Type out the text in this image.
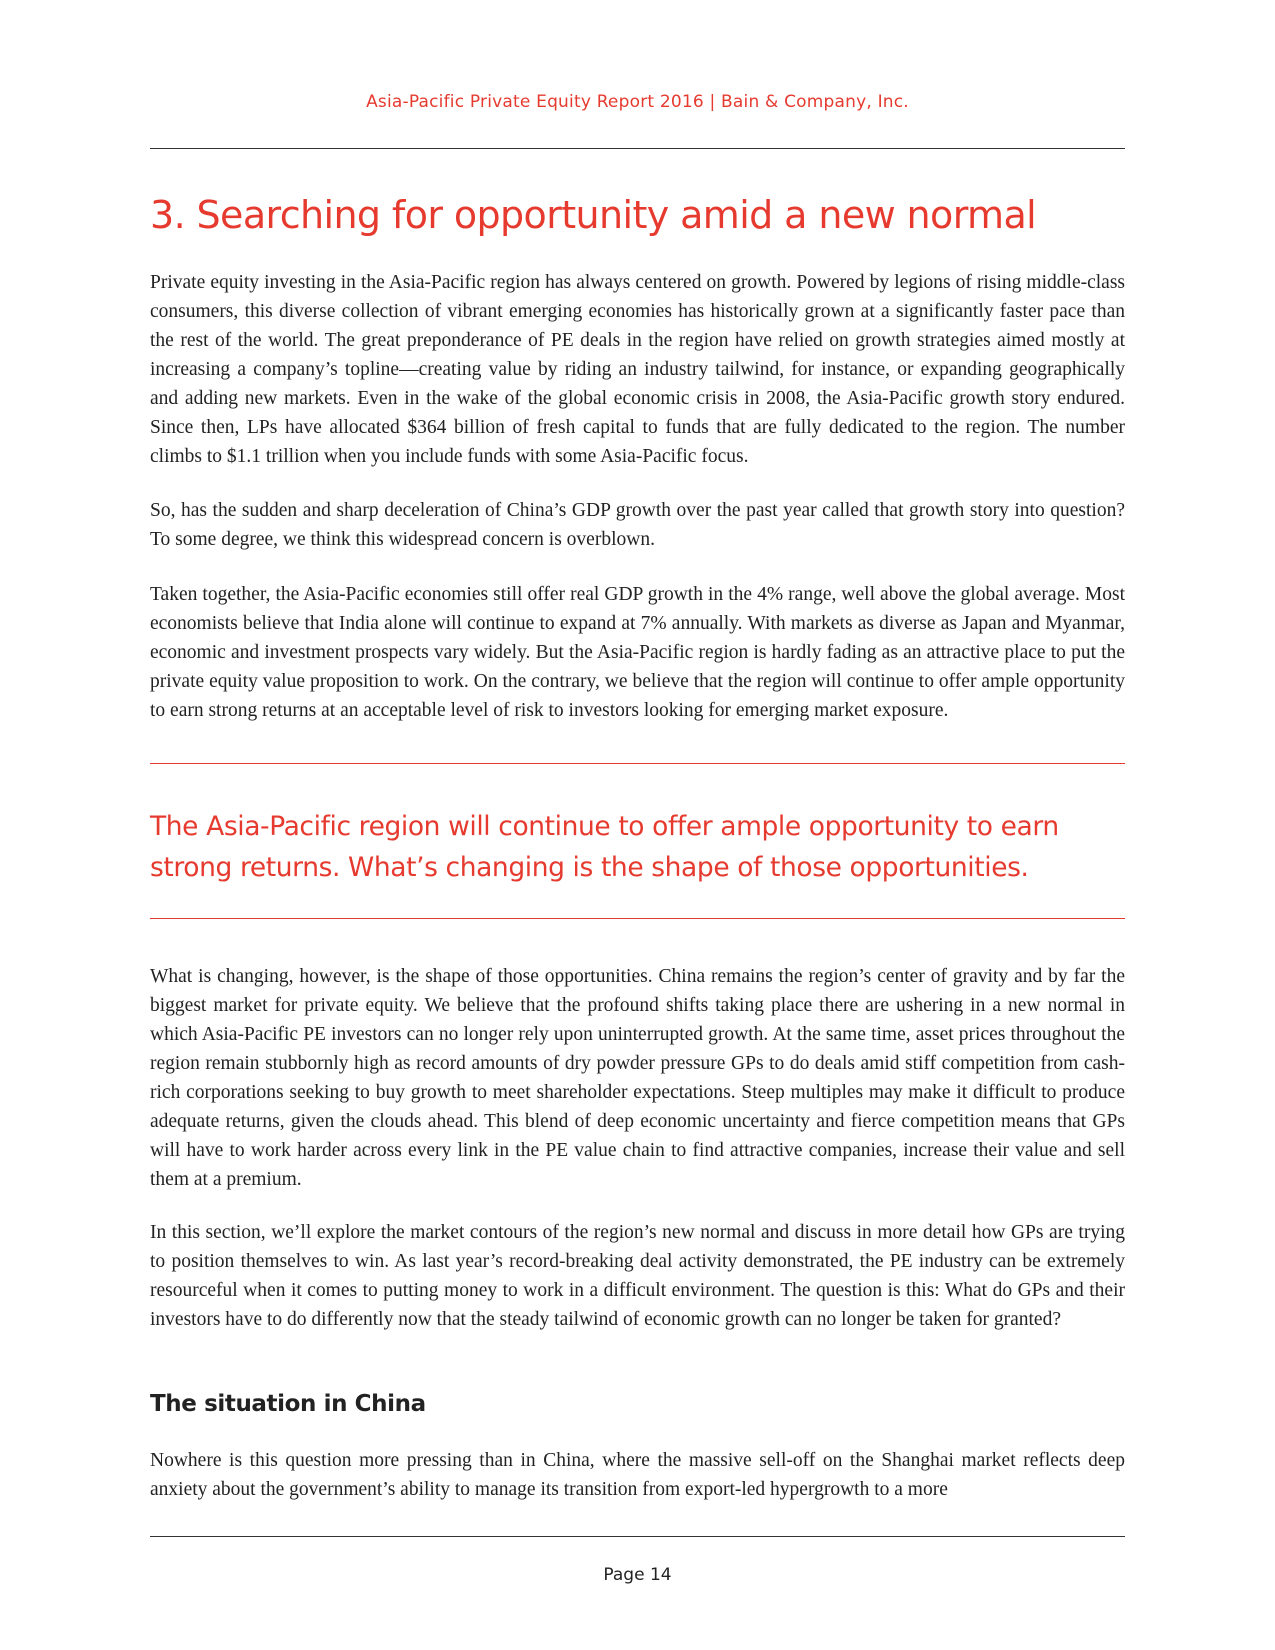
Asia-Pacific Private Equity Report 2016 | Bain & Company, Inc.
3. Searching for opportunity amid a new normal

Private equity investing in the Asia-Pacific region has always centered on growth. Powered by legions of rising middle-class consumers, this diverse collection of vibrant emerging economies has historically grown at a significantly faster pace than the rest of the world. The great preponderance of PE deals in the region have relied on growth strategies aimed mostly at increasing a company’s topline—creating value by riding an industry tailwind, for instance, or expanding geographically and adding new markets. Even in the wake of the global economic crisis in 2008, the Asia-Pacific growth story endured. Since then, LPs have allocated $364 billion of fresh capital to funds that are fully dedicated to the region. The number climbs to $1.1 trillion when you include funds with some Asia-Pacific focus.

So, has the sudden and sharp deceleration of China’s GDP growth over the past year called that growth story into question? To some degree, we think this widespread concern is overblown.

Taken together, the Asia-Pacific economies still offer real GDP growth in the 4% range, well above the global average. Most economists believe that India alone will continue to expand at 7% annually. With markets as diverse as Japan and Myanmar, economic and investment prospects vary widely. But the Asia-Pacific region is hardly fading as an attractive place to put the private equity value proposition to work. On the contrary, we believe that the region will continue to offer ample opportunity to earn strong returns at an acceptable level of risk to investors looking for emerging market exposure.

The Asia-Pacific region will continue to offer ample opportunity to earn strong returns. What’s changing is the shape of those opportunities.

What is changing, however, is the shape of those opportunities. China remains the region’s center of gravity and by far the biggest market for private equity. We believe that the profound shifts taking place there are ushering in a new normal in which Asia-Pacific PE investors can no longer rely upon uninterrupted growth. At the same time, asset prices throughout the region remain stubbornly high as record amounts of dry powder pressure GPs to do deals amid stiff competition from cash-rich corporations seeking to buy growth to meet shareholder expectations. Steep multiples may make it difficult to produce adequate returns, given the clouds ahead. This blend of deep economic uncertainty and fierce competition means that GPs will have to work harder across every link in the PE value chain to find attractive companies, increase their value and sell them at a premium.

In this section, we’ll explore the market contours of the region’s new normal and discuss in more detail how GPs are trying to position themselves to win. As last year’s record-breaking deal activity demonstrated, the PE industry can be extremely resourceful when it comes to putting money to work in a difficult environment. The question is this: What do GPs and their investors have to do differently now that the steady tailwind of economic growth can no longer be taken for granted?

The situation in China

Nowhere is this question more pressing than in China, where the massive sell-off on the Shanghai market reflects deep anxiety about the government’s ability to manage its transition from export-led hypergrowth to a more

Page 14
